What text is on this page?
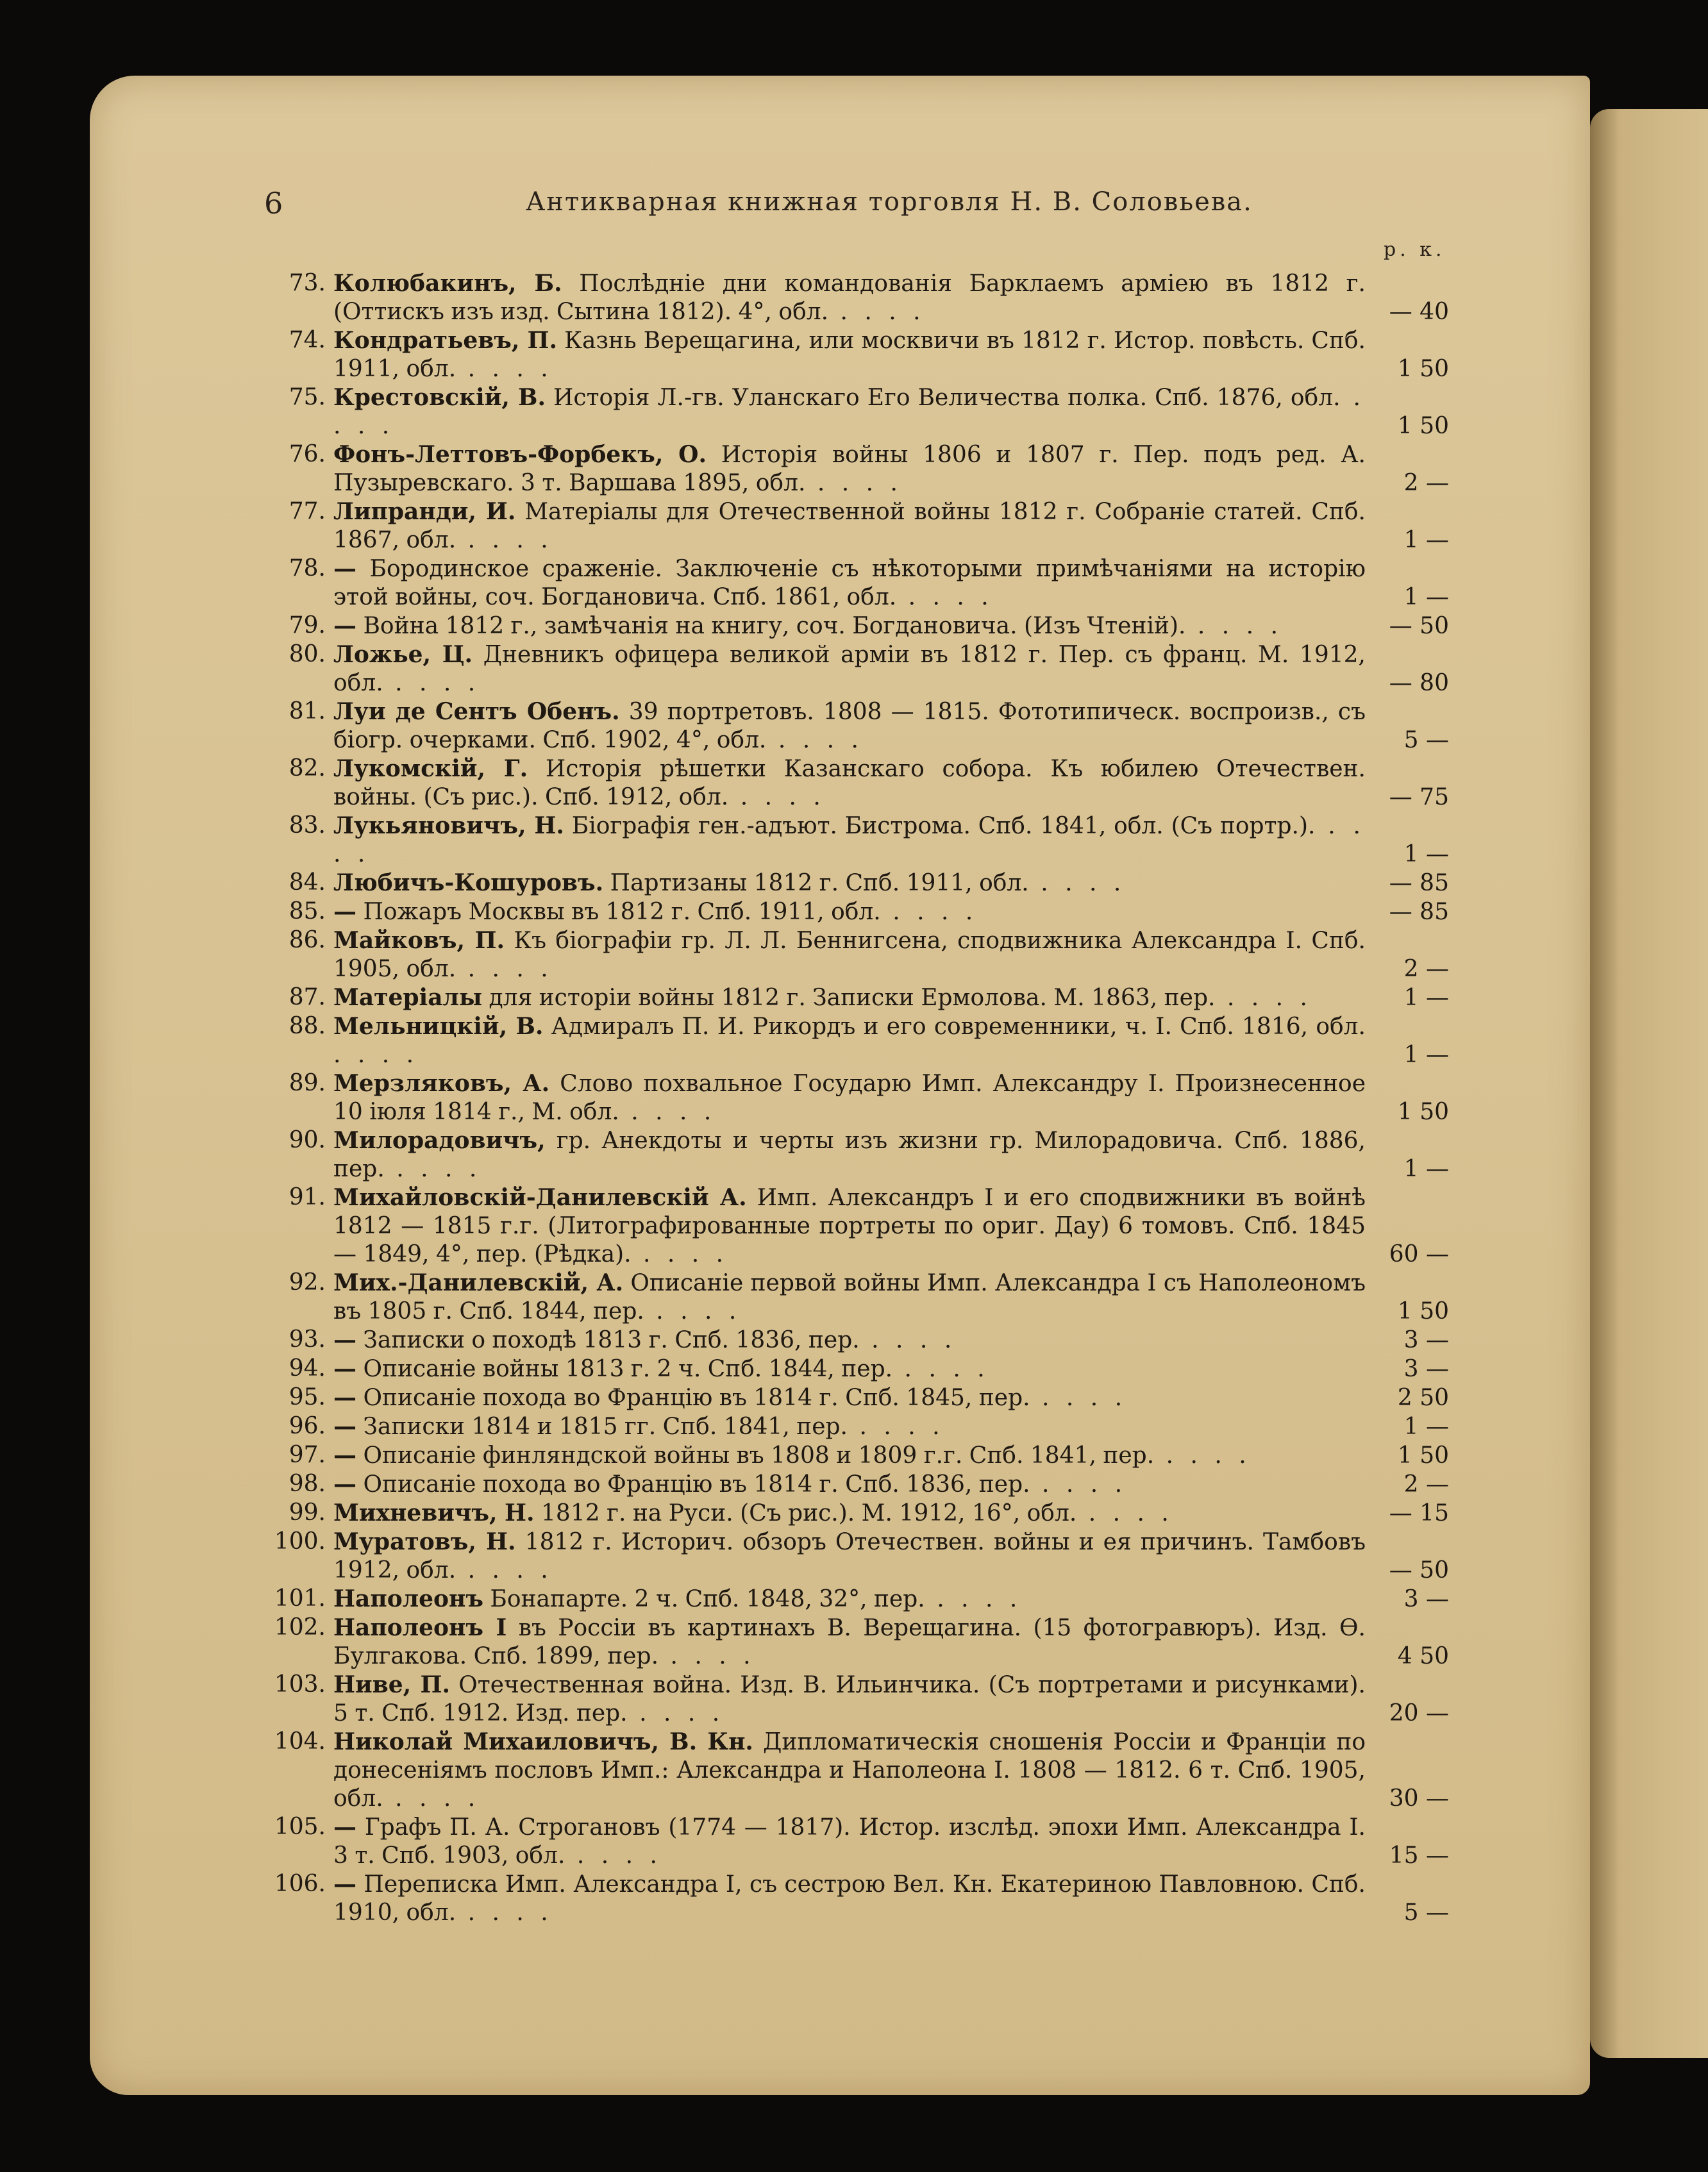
6	Антикварная книжная торговля Н. В. Соловьева.
р. к.
73. Колюбакинъ, Б. Послѣдніе дни командованія Барклаемъ арміею въ 1812 г. (Оттискъ изъ изд. Сытина 1812). 4°, обл. . . . .	— 40
74. Кондратьевъ, П. Казнь Верещагина, или москвичи въ 1812 г. Истор. повѣсть. Спб. 1911, обл. . . . .	1 50
75. Крестовскій, В. Исторія Л.-гв. Уланскаго Его Величества полка. Спб. 1876, обл. . . . .	1 50
76. Фонъ-Леттовъ-Форбекъ, О. Исторія войны 1806 и 1807 г. Пер. подъ ред. А. Пузыревскаго. 3 т. Варшава 1895, обл. . . . .	2 —
77. Липранди, И. Матеріалы для Отечественной войны 1812 г. Собраніе статей. Спб. 1867, обл. . . . .	1 —
78. — Бородинское сраженіе. Заключеніе съ нѣкоторыми примѣчаніями на исторію этой войны, соч. Богдановича. Спб. 1861, обл. . . . .	1 —
79. — Война 1812 г., замѣчанія на книгу, соч. Богдановича. (Изъ Чтеній). . . . .	— 50
80. Ложье, Ц. Дневникъ офицера великой арміи въ 1812 г. Пер. съ франц. М. 1912, обл. . . . .	— 80
81. Луи де Сентъ Обенъ. 39 портретовъ. 1808 — 1815. Фототипическ. воспроизв., съ біогр. очерками. Спб. 1902, 4°, обл. . . . .	5 —
82. Лукомскій, Г. Исторія рѣшетки Казанскаго собора. Къ юбилею Отечествен. войны. (Съ рис.). Спб. 1912, обл. . . . .	— 75
83. Лукьяновичъ, Н. Біографія ген.-адъют. Бистрома. Спб. 1841, обл. (Съ портр.). . . . .	1 —
84. Любичъ-Кошуровъ. Партизаны 1812 г. Спб. 1911, обл. . . . .	— 85
85. — Пожаръ Москвы въ 1812 г. Спб. 1911, обл. . . . .	— 85
86. Майковъ, П. Къ біографіи гр. Л. Л. Беннигсена, сподвижника Александра I. Спб. 1905, обл. . . . .	2 —
87. Матеріалы для исторіи войны 1812 г. Записки Ермолова. М. 1863, пер. . . . .	1 —
88. Мельницкій, В. Адмиралъ П. И. Рикордъ и его современники, ч. I. Спб. 1816, обл. . . . .	1 —
89. Мерзляковъ, А. Слово похвальное Государю Имп. Александру I. Произнесенное 10 іюля 1814 г., М. обл. . . . .	1 50
90. Милорадовичъ, гр. Анекдоты и черты изъ жизни гр. Милорадовича. Спб. 1886, пер. . . . .	1 —
91. Михайловскій-Данилевскій А. Имп. Александръ I и его сподвижники въ войнѣ 1812 — 1815 г.г. (Литографированные портреты по ориг. Дау) 6 томовъ. Спб. 1845 — 1849, 4°, пер. (Рѣдка). . . . .	60 —
92. Мих.-Данилевскій, А. Описаніе первой войны Имп. Александра I съ Наполеономъ въ 1805 г. Спб. 1844, пер. . . . .	1 50
93. — Записки о походѣ 1813 г. Спб. 1836, пер. . . . .	3 —
94. — Описаніе войны 1813 г. 2 ч. Спб. 1844, пер. . . . .	3 —
95. — Описаніе похода во Францію въ 1814 г. Спб. 1845, пер. . . . .	2 50
96. — Записки 1814 и 1815 гг. Спб. 1841, пер. . . . .	1 —
97. — Описаніе финляндской войны въ 1808 и 1809 г.г. Спб. 1841, пер. . . . .	1 50
98. — Описаніе похода во Францію въ 1814 г. Спб. 1836, пер. . . . .	2 —
99. Михневичъ, Н. 1812 г. на Руси. (Съ рис.). М. 1912, 16°, обл. . . . .	— 15
100. Муратовъ, Н. 1812 г. Историч. обзоръ Отечествен. войны и ея причинъ. Тамбовъ 1912, обл. . . . .	— 50
101. Наполеонъ Бонапарте. 2 ч. Спб. 1848, 32°, пер. . . . .	3 —
102. Наполеонъ I въ Россіи въ картинахъ В. Верещагина. (15 фотогравюръ). Изд. Ѳ. Булгакова. Спб. 1899, пер. . . . .	4 50
103. Ниве, П. Отечественная война. Изд. В. Ильинчика. (Съ портретами и рисунками). 5 т. Спб. 1912. Изд. пер. . . . .	20 —
104. Николай Михаиловичъ, В. Кн. Дипломатическія сношенія Россіи и Франціи по донесеніямъ пословъ Имп.: Александра и Наполеона I. 1808 — 1812. 6 т. Спб. 1905, обл. . . . .	30 —
105. — Графъ П. А. Строгановъ (1774 — 1817). Истор. изслѣд. эпохи Имп. Александра I. 3 т. Спб. 1903, обл. . . . .	15 —
106. — Переписка Имп. Александра I, съ сестрою Вел. Кн. Екатериною Павловною. Спб. 1910, обл. . . . .	5 —
